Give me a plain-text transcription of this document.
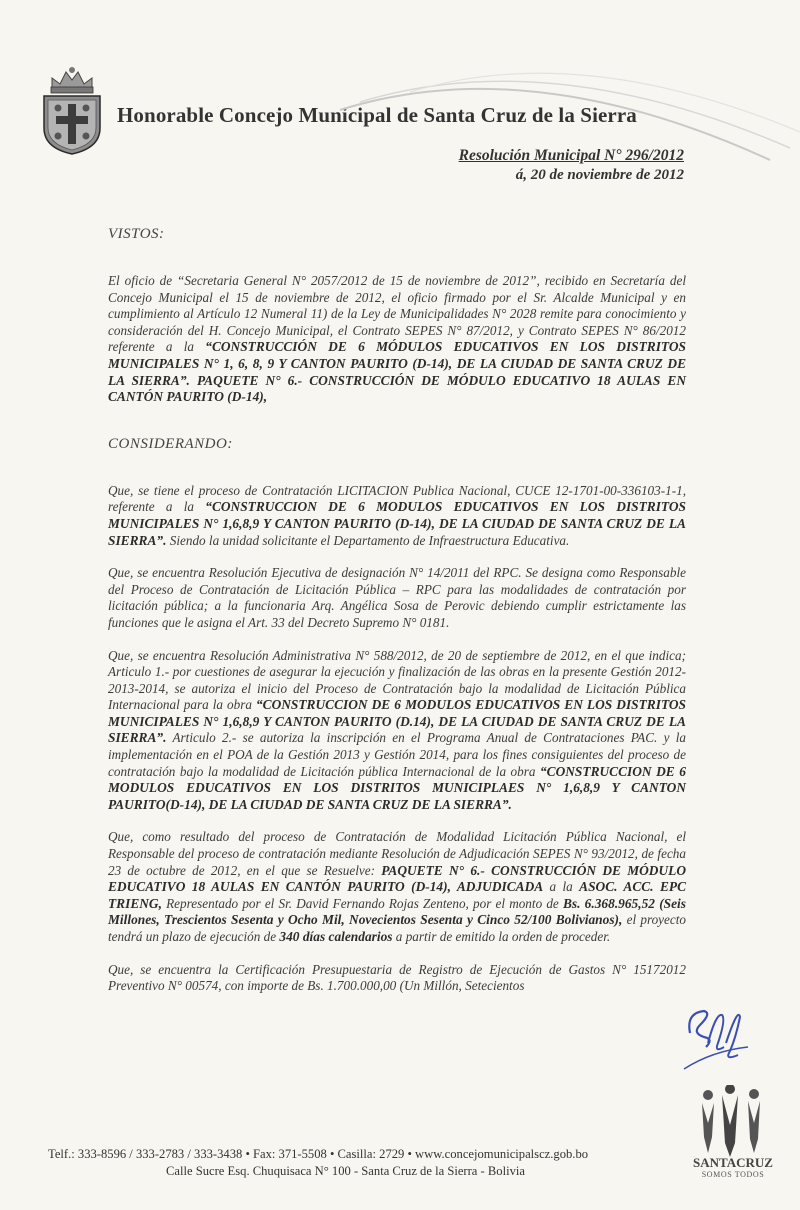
Honorable Concejo Municipal de Santa Cruz de la Sierra
Resolución Municipal N° 296/2012
á, 20 de noviembre de 2012

VISTOS:

El oficio de “Secretaria General N° 2057/2012 de 15 de noviembre de 2012”, recibido en Secretaría del Concejo Municipal el 15 de noviembre de 2012, el oficio firmado por el Sr. Alcalde Municipal y en cumplimiento al Artículo 12 Numeral 11) de la Ley de Municipalidades N° 2028 remite para conocimiento y consideración del H. Concejo Municipal, el Contrato SEPES N° 87/2012, y Contrato SEPES N° 86/2012 referente a la “CONSTRUCCIÓN DE 6 MÓDULOS EDUCATIVOS EN LOS DISTRITOS MUNICIPALES N° 1, 6, 8, 9 Y CANTON PAURITO (D-14), DE LA CIUDAD DE SANTA CRUZ DE LA SIERRA”. PAQUETE N° 6.- CONSTRUCCIÓN DE MÓDULO EDUCATIVO 18 AULAS EN CANTÓN PAURITO (D-14),

CONSIDERANDO:

Que, se tiene el proceso de Contratación LICITACION Publica Nacional, CUCE 12-1701-00-336103-1-1, referente a la “CONSTRUCCION DE 6 MODULOS EDUCATIVOS EN LOS DISTRITOS MUNICIPALES N° 1,6,8,9 Y CANTON PAURITO (D-14), DE LA CIUDAD DE SANTA CRUZ DE LA SIERRA”. Siendo la unidad solicitante el Departamento de Infraestructura Educativa.

Que, se encuentra Resolución Ejecutiva de designación N° 14/2011 del RPC. Se designa como Responsable del Proceso de Contratación de Licitación Pública – RPC para las modalidades de contratación por licitación pública; a la funcionaria Arq. Angélica Sosa de Perovic debiendo cumplir estrictamente las funciones que le asigna el Art. 33 del Decreto Supremo N° 0181.

Que, se encuentra Resolución Administrativa N° 588/2012, de 20 de septiembre de 2012, en el que indica; Articulo 1.- por cuestiones de asegurar la ejecución y finalización de las obras en la presente Gestión 2012-2013-2014, se autoriza el inicio del Proceso de Contratación bajo la modalidad de Licitación Pública Internacional para la obra “CONSTRUCCION DE 6 MODULOS EDUCATIVOS EN LOS DISTRITOS MUNICIPALES N° 1,6,8,9 Y CANTON PAURITO (D.14), DE LA CIUDAD DE SANTA CRUZ DE LA SIERRA”. Articulo 2.- se autoriza la inscripción en el Programa Anual de Contrataciones PAC. y la implementación en el POA de la Gestión 2013 y Gestión 2014, para los fines consiguientes del proceso de contratación bajo la modalidad de Licitación pública Internacional de la obra “CONSTRUCCION DE 6 MODULOS EDUCATIVOS EN LOS DISTRITOS MUNICIPLAES N° 1,6,8,9 Y CANTON PAURITO(D-14), DE LA CIUDAD DE SANTA CRUZ DE LA SIERRA”.

Que, como resultado del proceso de Contratación de Modalidad Licitación Pública Nacional, el Responsable del proceso de contratación mediante Resolución de Adjudicación SEPES N° 93/2012, de fecha 23 de octubre de 2012, en el que se Resuelve: PAQUETE N° 6.- CONSTRUCCIÓN DE MÓDULO EDUCATIVO 18 AULAS EN CANTÓN PAURITO (D-14), ADJUDICADA a la ASOC. ACC. EPC TRIENG, Representado por el Sr. David Fernando Rojas Zenteno, por el monto de Bs. 6.368.965,52 (Seis Millones, Trescientos Sesenta y Ocho Mil, Novecientos Sesenta y Cinco 52/100 Bolivianos), el proyecto tendrá un plazo de ejecución de 340 días calendarios a partir de emitido la orden de proceder.

Que, se encuentra la Certificación Presupuestaria de Registro de Ejecución de Gastos N° 15172012 Preventivo N° 00574, con importe de Bs. 1.700.000,00 (Un Millón, Setecientos

SANTACRUZ
SOMOS TODOS
Telf.: 333-8596 / 333-2783 / 333-3438 • Fax: 371-5508 • Casilla: 2729 • www.concejomunicipalscz.gob.bo
Calle Sucre Esq. Chuquisaca N° 100 - Santa Cruz de la Sierra - Bolivia
